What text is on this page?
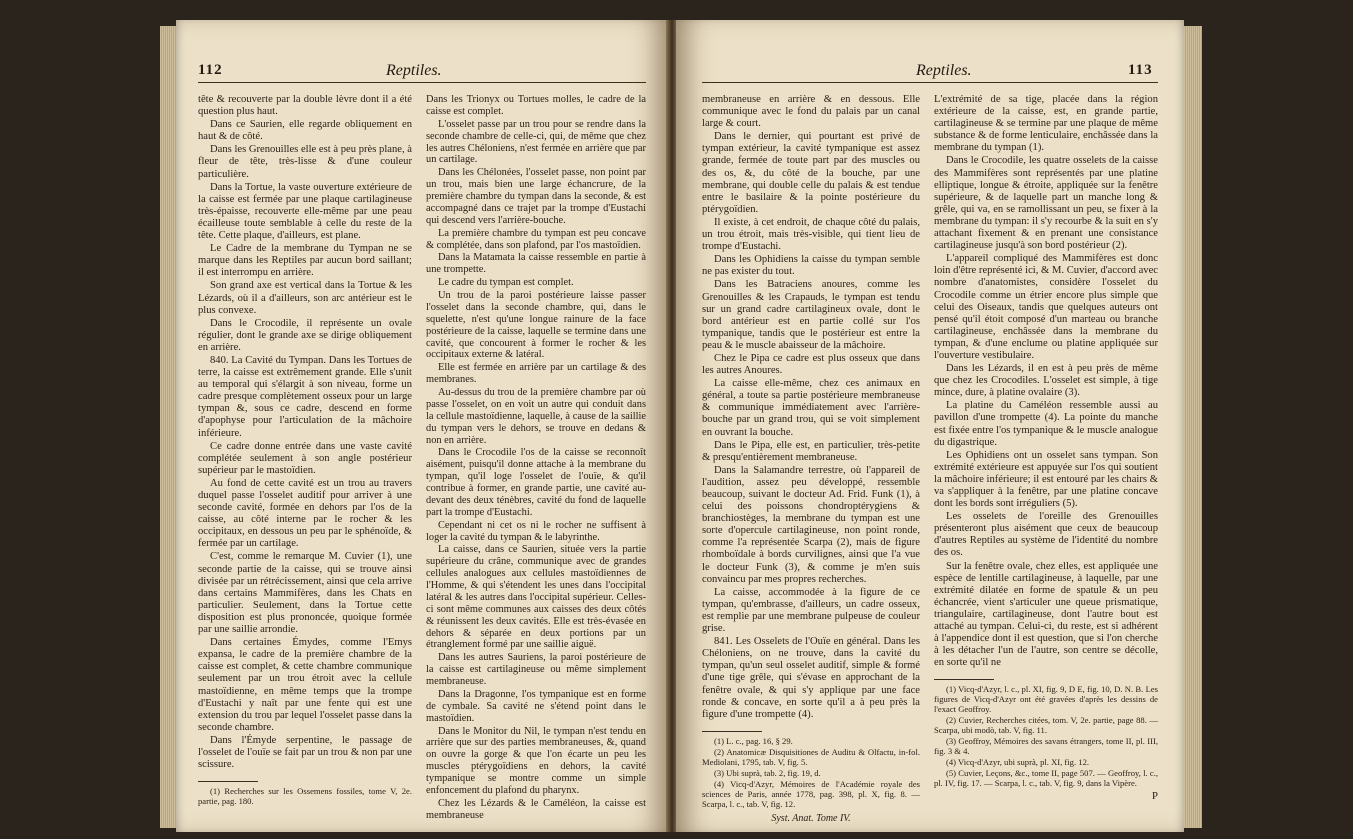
112	Reptiles.

tête & recouverte par la double lèvre dont il a été question plus haut.

Dans ce Saurien, elle regarde obliquement en haut & de côté.

Dans les Grenouilles elle est à peu près plane, à fleur de tête, très-lisse & d'une couleur particulière.

Dans la Tortue, la vaste ouverture extérieure de la caisse est fermée par une plaque cartilagineuse très-épaisse, recouverte elle-même par une peau écailleuse toute semblable à celle du reste de la tête. Cette plaque, d'ailleurs, est plane.

Le Cadre de la membrane du Tympan ne se marque dans les Reptiles par aucun bord saillant; il est interrompu en arrière.

Son grand axe est vertical dans la Tortue & les Lézards, où il a d'ailleurs, son arc antérieur est le plus convexe.

Dans le Crocodile, il représente un ovale régulier, dont le grande axe se dirige obliquement en arrière.

840. La Cavité du Tympan. Dans les Tortues de terre, la caisse est extrêmement grande. Elle s'unit au temporal qui s'élargit à son niveau, forme un cadre presque complètement osseux pour un large tympan &, sous ce cadre, descend en forme d'apophyse pour l'articulation de la mâchoire inférieure.

Ce cadre donne entrée dans une vaste cavité complétée seulement à son angle postérieur supérieur par le mastoïdien.

Au fond de cette cavité est un trou au travers duquel passe l'osselet auditif pour arriver à une seconde cavité, formée en dehors par l'os de la caisse, au côté interne par le rocher & les occipitaux, en dessous un peu par le sphénoïde, & fermée par un cartilage.

C'est, comme le remarque M. Cuvier (1), une seconde partie de la caisse, qui se trouve ainsi divisée par un rétrécissement, ainsi que cela arrive dans certains Mammifères, dans les Chats en particulier. Seulement, dans la Tortue cette disposition est plus prononcée, quoique formée par une saillie arrondie.

Dans certaines Émydes, comme l'Emys expansa, le cadre de la première chambre de la caisse est complet, & cette chambre communique seulement par un trou étroit avec la cellule mastoïdienne, en même temps que la trompe d'Eustachi y naît par une fente qui est une extension du trou par lequel l'osselet passe dans la seconde chambre.

Dans l'Émyde serpentine, le passage de l'osselet de l'ouïe se fait par un trou & non par une scissure.

(1) Recherches sur les Ossemens fossiles, tome V, 2e. partie, pag. 180.

Dans les Trionyx ou Tortues molles, le cadre de la caisse est complet.

L'osselet passe par un trou pour se rendre dans la seconde chambre de celle-ci, qui, de même que chez les autres Chéloniens, n'est fermée en arrière que par un cartilage.

Dans les Chélonées, l'osselet passe, non point par un trou, mais bien une large échancrure, de la première chambre du tympan dans la seconde, & est accompagné dans ce trajet par la trompe d'Eustachi qui descend vers l'arrière-bouche.

La première chambre du tympan est peu concave & complétée, dans son plafond, par l'os mastoïdien.

Dans la Matamata la caisse ressemble en partie à une trompette.

Le cadre du tympan est complet.

Un trou de la paroi postérieure laisse passer l'osselet dans la seconde chambre, qui, dans le squelette, n'est qu'une longue rainure de la face postérieure de la caisse, laquelle se termine dans une cavité, que concourent à former le rocher & les occipitaux externe & latéral.

Elle est fermée en arrière par un cartilage & des membranes.

Au-dessus du trou de la première chambre par où passe l'osselet, on en voit un autre qui conduit dans la cellule mastoïdienne, laquelle, à cause de la saillie du tympan vers le dehors, se trouve en dedans & non en arrière.

Dans le Crocodile l'os de la caisse se reconnoît aisément, puisqu'il donne attache à la membrane du tympan, qu'il loge l'osselet de l'ouïe, & qu'il contribue à former, en grande partie, une cavité au-devant des deux ténèbres, cavité du fond de laquelle part la trompe d'Eustachi.

Cependant ni cet os ni le rocher ne suffisent à loger la cavité du tympan & le labyrinthe.

La caisse, dans ce Saurien, située vers la partie supérieure du crâne, communique avec de grandes cellules analogues aux cellules mastoïdiennes de l'Homme, & qui s'étendent les unes dans l'occipital latéral & les autres dans l'occipital supérieur. Celles-ci sont même communes aux caisses des deux côtés & réunissent les deux cavités. Elle est très-évasée en dehors & séparée en deux portions par un étranglement formé par une saillie aiguë.

Dans les autres Sauriens, la paroi postérieure de la caisse est cartilagineuse ou même simplement membraneuse.

Dans la Dragonne, l'os tympanique est en forme de cymbale. Sa cavité ne s'étend point dans le mastoïdien.

Dans le Monitor du Nil, le tympan n'est tendu en arrière que sur des parties membraneuses, &, quand on ouvre la gorge & que l'on écarte un peu les muscles ptérygoïdiens en dehors, la cavité tympanique se montre comme un simple enfoncement du plafond du pharynx.

Chez les Lézards & le Caméléon, la caisse est membraneuse

Reptiles.	113

membraneuse en arrière & en dessous. Elle communique avec le fond du palais par un canal large & court.

Dans le dernier, qui pourtant est privé de tympan extérieur, la cavité tympanique est assez grande, fermée de toute part par des muscles ou des os, &, du côté de la bouche, par une membrane, qui double celle du palais & est tendue entre le basilaire & la pointe postérieure du ptérygoïdien.

Il existe, à cet endroit, de chaque côté du palais, un trou étroit, mais très-visible, qui tient lieu de trompe d'Eustachi.

Dans les Ophidiens la caisse du tympan semble ne pas exister du tout.

Dans les Batraciens anoures, comme les Grenouilles & les Crapauds, le tympan est tendu sur un grand cadre cartilagineux ovale, dont le bord antérieur est en partie collé sur l'os tympanique, tandis que le postérieur est entre la peau & le muscle abaisseur de la mâchoire.

Chez le Pipa ce cadre est plus osseux que dans les autres Anoures.

La caisse elle-même, chez ces animaux en général, a toute sa partie postérieure membraneuse & communique immédiatement avec l'arrière-bouche par un grand trou, qui se voit simplement en ouvrant la bouche.

Dans le Pipa, elle est, en particulier, très-petite & presqu'entièrement membraneuse.

Dans la Salamandre terrestre, où l'appareil de l'audition, assez peu développé, ressemble beaucoup, suivant le docteur Ad. Frid. Funk (1), à celui des poissons chondroptérygiens & branchiostèges, la membrane du tympan est une sorte d'opercule cartilagineuse, non point ronde, comme l'a représentée Scarpa (2), mais de figure rhomboïdale à bords curvilignes, ainsi que l'a vue le docteur Funk (3), & comme je m'en suis convaincu par mes propres recherches.

La caisse, accommodée à la figure de ce tympan, qu'embrasse, d'ailleurs, un cadre osseux, est remplie par une membrane pulpeuse de couleur grise.

841. Les Osselets de l'Ouïe en général. Dans les Chéloniens, on ne trouve, dans la cavité du tympan, qu'un seul osselet auditif, simple & formé d'une tige grêle, qui s'évase en approchant de la fenêtre ovale, & qui s'y applique par une face ronde & concave, en sorte qu'il a à peu près la figure d'une trompette (4).

(1) L. c., pag. 16, § 29.

(2) Anatomicæ Disquisitiones de Auditu & Olfactu, in-fol. Mediolani, 1795, tab. V, fig. 5.

(3) Ubi suprà, tab. 2, fig. 19, d.

(4) Vicq-d'Azyr, Mémoires de l'Académie royale des sciences de Paris, année 1778, pag. 398, pl. X, fig. 8. — Scarpa, l. c., tab. V, fig. 12.

Syst. Anat. Tome IV.

L'extrémité de sa tige, placée dans la région extérieure de la caisse, est, en grande partie, cartilagineuse & se termine par une plaque de même substance & de forme lenticulaire, enchâssée dans la membrane du tympan (1).

Dans le Crocodile, les quatre osselets de la caisse des Mammifères sont représentés par une platine elliptique, longue & étroite, appliquée sur la fenêtre supérieure, & de laquelle part un manche long & grêle, qui va, en se ramollissant un peu, se fixer à la membrane du tympan: il s'y recourbe & la suit en s'y attachant fixement & en prenant une consistance cartilagineuse jusqu'à son bord postérieur (2).

L'appareil compliqué des Mammifères est donc loin d'être représenté ici, & M. Cuvier, d'accord avec nombre d'anatomistes, considère l'osselet du Crocodile comme un étrier encore plus simple que celui des Oiseaux, tandis que quelques auteurs ont pensé qu'il étoit composé d'un marteau ou branche cartilagineuse, enchâssée dans la membrane du tympan, & d'une enclume ou platine appliquée sur l'ouverture vestibulaire.

Dans les Lézards, il en est à peu près de même que chez les Crocodiles. L'osselet est simple, à tige mince, dure, à platine ovalaire (3).

La platine du Caméléon ressemble aussi au pavillon d'une trompette (4). La pointe du manche est fixée entre l'os tympanique & le muscle analogue du digastrique.

Les Ophidiens ont un osselet sans tympan. Son extrémité extérieure est appuyée sur l'os qui soutient la mâchoire inférieure; il est entouré par les chairs & va s'appliquer à la fenêtre, par une platine concave dont les bords sont irréguliers (5).

Les osselets de l'oreille des Grenouilles présenteront plus aisément que ceux de beaucoup d'autres Reptiles au système de l'identité du nombre des os.

Sur la fenêtre ovale, chez elles, est appliquée une espèce de lentille cartilagineuse, à laquelle, par une extrémité dilatée en forme de spatule & un peu échancrée, vient s'articuler une queue prismatique, triangulaire, cartilagineuse, dont l'autre bout est attaché au tympan. Celui-ci, du reste, est si adhérent à l'appendice dont il est question, que si l'on cherche à les détacher l'un de l'autre, son centre se décolle, en sorte qu'il ne

(1) Vicq-d'Azyr, l. c., pl. XI, fig. 9, D E, fig. 10, D. N. B. Les figures de Vicq-d'Azyr ont été gravées d'après les dessins de l'exact Geoffroy.

(2) Cuvier, Recherches citées, tom. V, 2e. partie, page 88. — Scarpa, ubi modò, tab. V, fig. 11.

(3) Geoffroy, Mémoires des savans étrangers, tome II, pl. III, fig. 3 & 4.

(4) Vicq-d'Azyr, ubi suprà, pl. XI, fig. 12.

(5) Cuvier, Leçons, &c., tome II, page 507. — Geoffroy, l. c., pl. IV, fig. 17. — Scarpa, l. c., tab. V, fig. 9, dans la Vipère.

P
